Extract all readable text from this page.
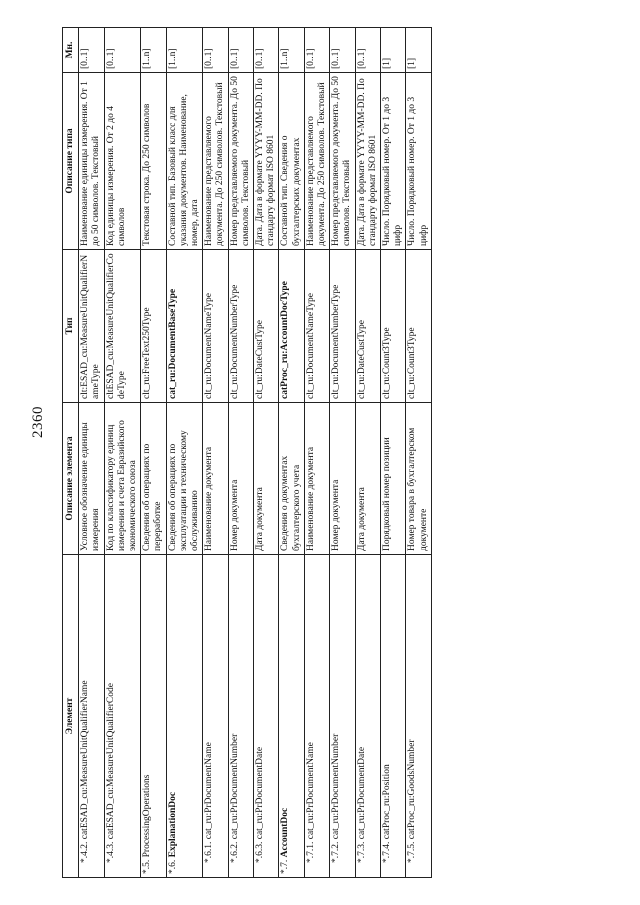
2360
Элемент	Описание элемента	Тип	Описание типа	Мн.
*.4.2. catESAD_cu:MeasureUnitQualifierName	Условное обозначение единицы измерения	clt:ESAD_cu:MeasureUnitQualifierNameType	Наименование единицы измерения. От 1 до 50 символов. Текстовый	[0..1]
*.4.3. catESAD_cu:MeasureUnitQualifierCode	Код по классификатору единиц измерения и счета Евразийского экономического союза	cltESAD_cu:MeasureUnitQualifierCodeType	Код единицы измерения. От 2 до 4 символов	[0..1]
*.5. ProcessingOperations	Сведения об операциях по переработке	clt_ru:FreeText250Type	Текстовая строка. До 250 символов	[1..n]
*.6. ExplanationDoc	Сведения об операциях по эксплуатации и техническому обслуживанию	cat_ru:DocumentBaseType	Составной тип. Базовый класс для указания документов. Наименование, номер, дата	[1..n]
*.6.1. cat_ru:PrDocumentName	Наименование документа	clt_ru:DocumentNameType	Наименование представляемого документа. До 250 символов. Текстовый	[0..1]
*.6.2. cat_ru:PrDocumentNumber	Номер документа	clt_ru:DocumentNumberType	Номер представляемого документа. До 50 символов. Текстовый	[0..1]
*.6.3. cat_ru:PrDocumentDate	Дата документа	clt_ru:DateCustType	Дата. Дата в формате YYYY-MM-DD. По стандарту формат ISO 8601	[0..1]
*.7. AccountDoc	Сведения о документах бухгалтерского учета	catProc_ru:AccountDocType	Составной тип. Сведения о бухгалтерских документах	[1..n]
*.7.1. cat_ru:PrDocumentName	Наименование документа	clt_ru:DocumentNameType	Наименование представляемого документа. До 250 символов. Текстовый	[0..1]
*.7.2. cat_ru:PrDocumentNumber	Номер документа	clt_ru:DocumentNumberType	Номер представляемого документа. До 50 символов. Текстовый	[0..1]
*.7.3. cat_ru:PrDocumentDate	Дата документа	clt_ru:DateCustType	Дата. Дата в формате YYYY-MM-DD. По стандарту формат ISO 8601	[0..1]
*.7.4. catProc_ru:Position	Порядковый номер позиции	clt_ru:Count3Type	Число. Порядковый номер. От 1 до 3 цифр	[1]
*.7.5. catProc_ru:GoodsNumber	Номер товара в бухгалтерском документе	clt_ru:Count3Type	Число. Порядковый номер. От 1 до 3 цифр	[1]
